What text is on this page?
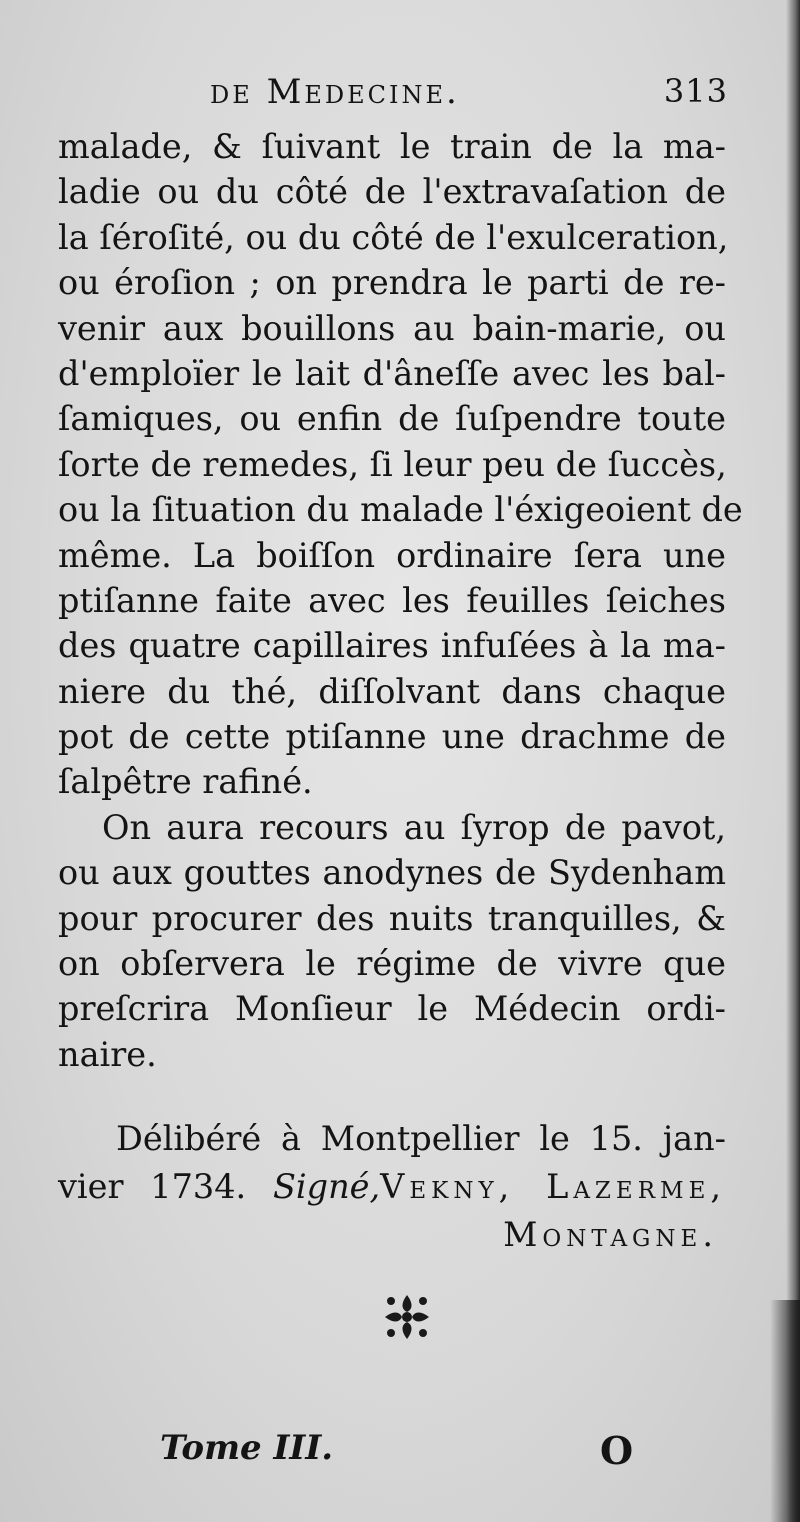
de Medecine.	313
malade, & ſuivant le train de la ma-
ladie ou du côté de l'extravaſation de
la ſéroſité, ou du côté de l'exulceration,
ou éroſion ; on prendra le parti de re-
venir aux bouillons au bain-marie, ou
d'emploïer le lait d'âneſſe avec les bal-
ſamiques, ou enfin de ſuſpendre toute
ſorte de remedes, ſi leur peu de ſuccès,
ou la ſituation du malade l'éxigeoient de
même. La boiſſon ordinaire ſera une
ptiſanne faite avec les feuilles ſeiches
des quatre capillaires infuſées à la ma-
niere du thé, diſſolvant dans chaque
pot de cette ptiſanne une drachme de
ſalpêtre rafiné.
On aura recours au ſyrop de pavot,
ou aux gouttes anodynes de Sydenham
pour procurer des nuits tranquilles, &
on obſervera le régime de vivre que
preſcrira Monſieur le Médecin ordi-
naire.
Délibéré à Montpellier le 15. jan-
vier 1734. Signé,Vekny, Lazerme,
Montagne.
Tome III.	O
